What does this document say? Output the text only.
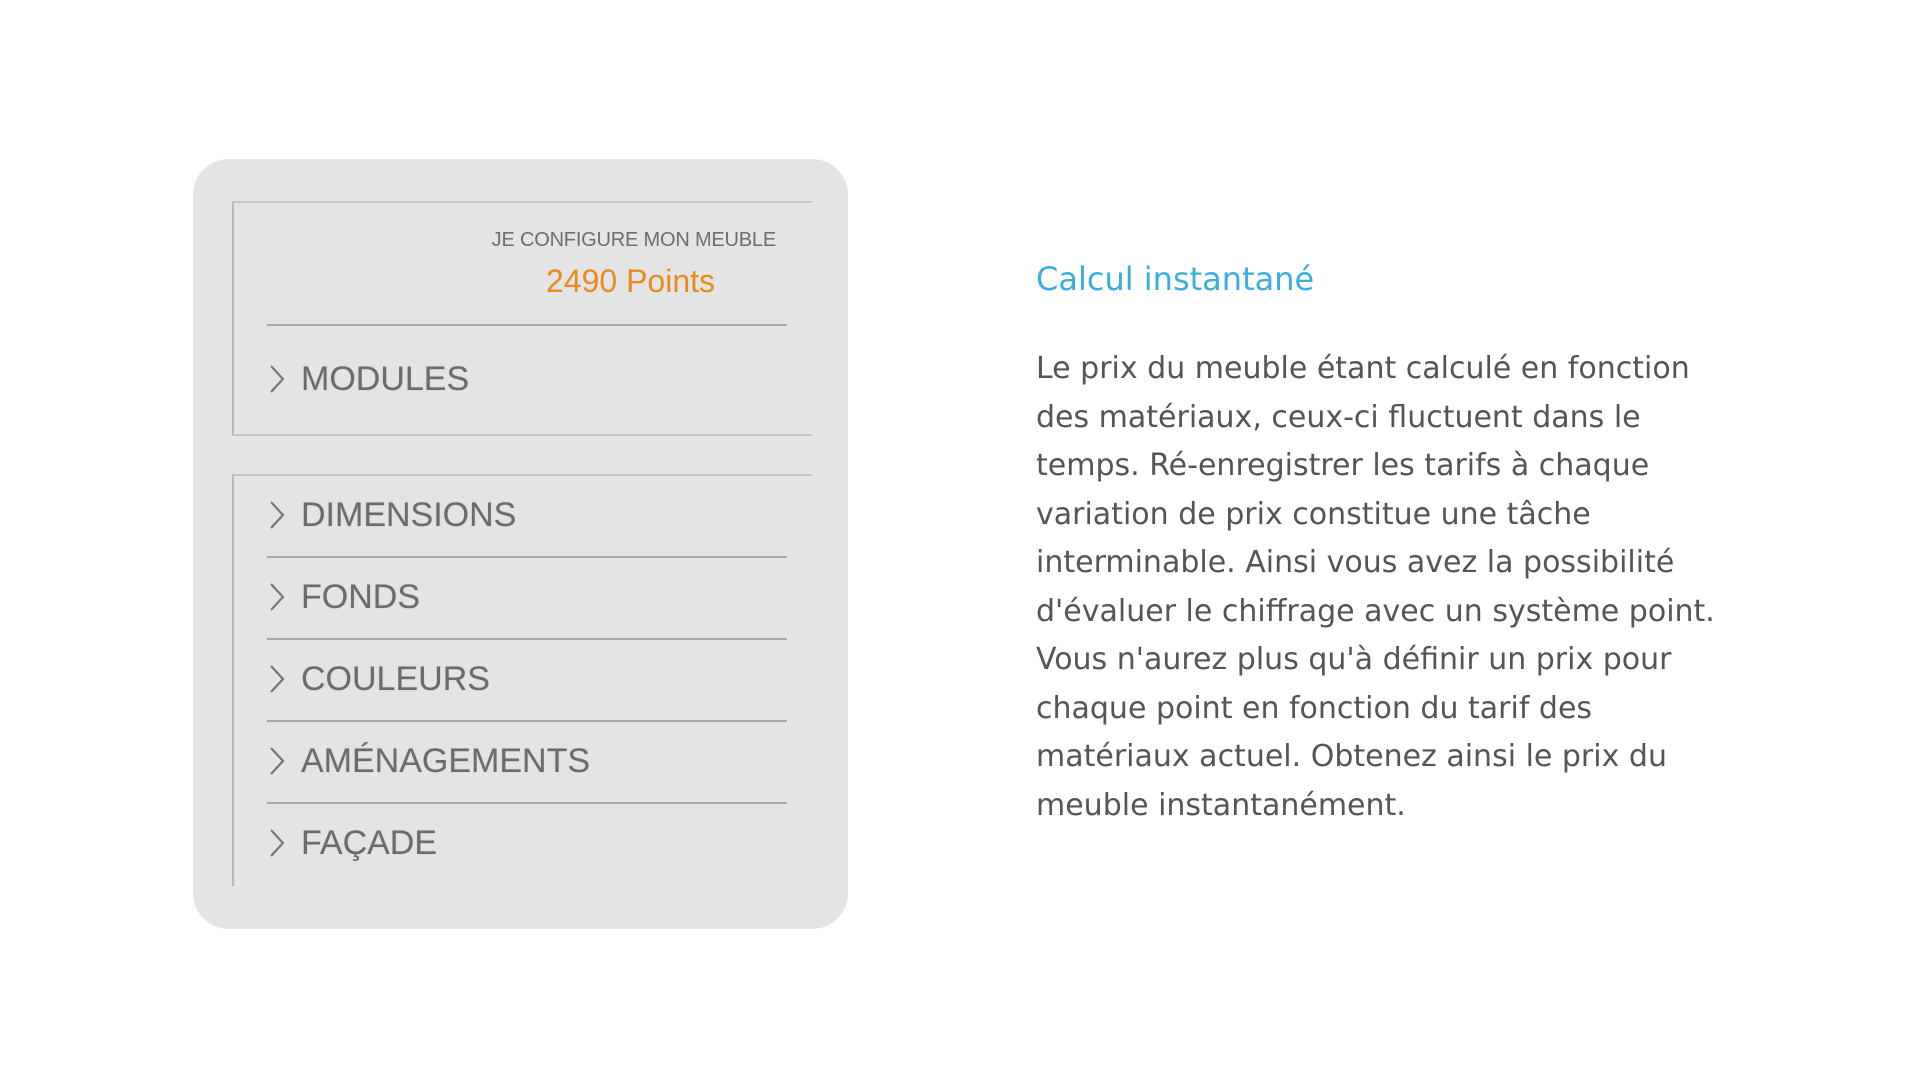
JE CONFIGURE MON MEUBLE
2490 Points
MODULES
DIMENSIONS
FONDS
COULEURS
AMÉNAGEMENTS
FAÇADE
Calcul instantané

Le prix du meuble étant calculé en fonction des matériaux, ceux-ci fluctuent dans le temps. Ré-enregistrer les tarifs à chaque variation de prix constitue une tâche interminable. Ainsi vous avez la possibilité d'évaluer le chiffrage avec un système point. Vous n'aurez plus qu'à définir un prix pour chaque point en fonction du tarif des matériaux actuel. Obtenez ainsi le prix du meuble instantanément.
